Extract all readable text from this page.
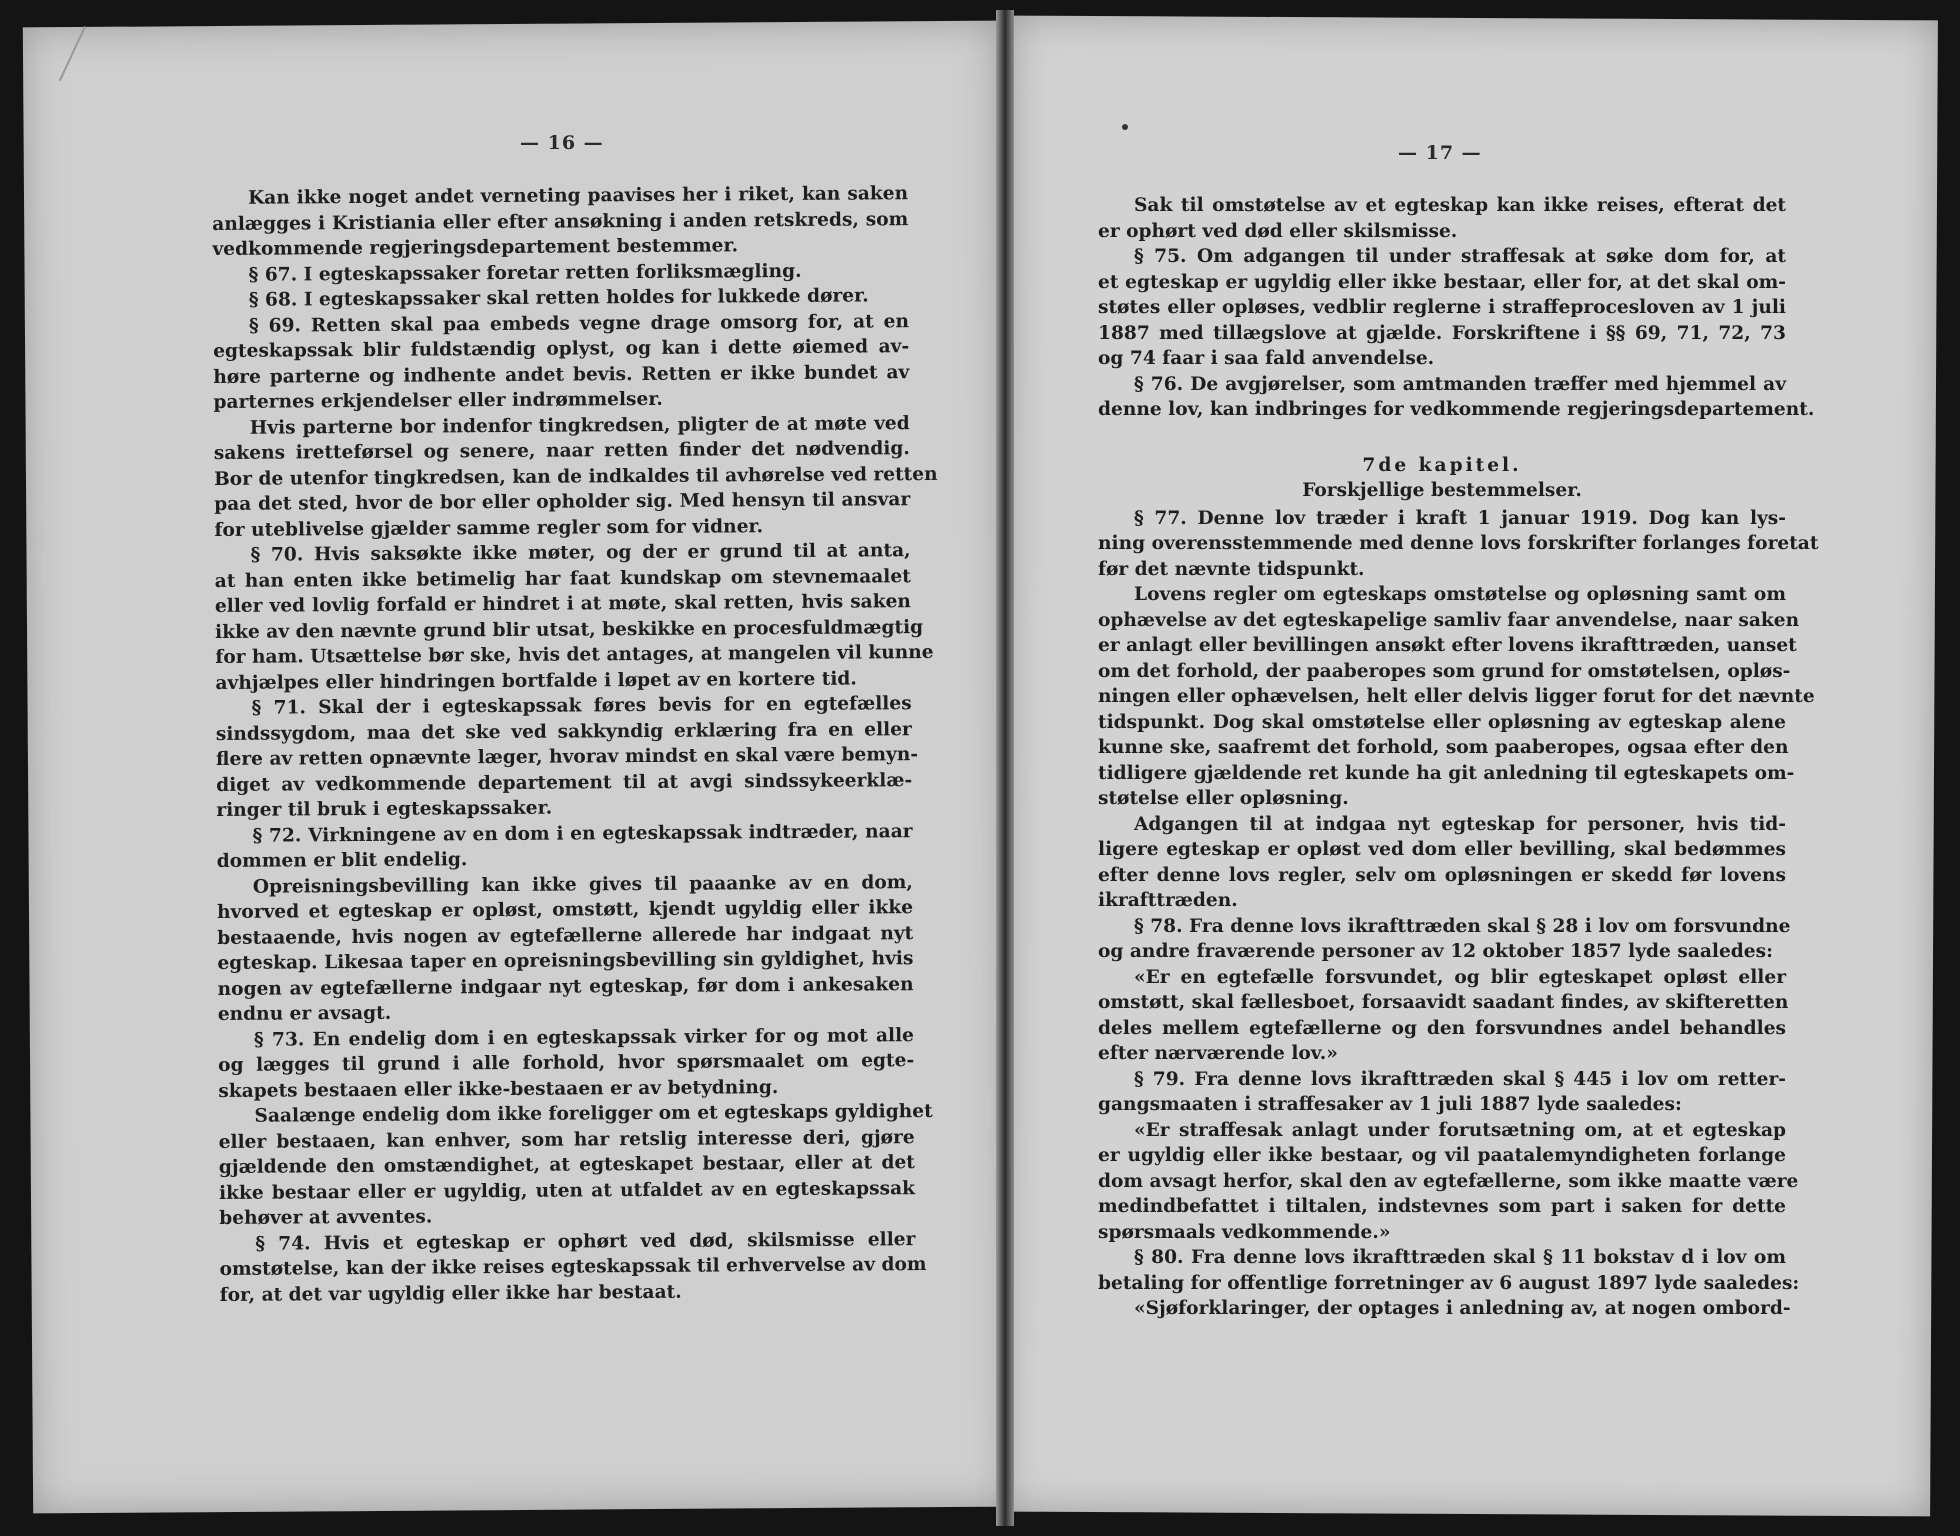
— 16 —	— 17 —
Kan ikke noget andet verneting paavises her i riket, kan saken
anlægges i Kristiania eller efter ansøkning i anden retskreds, som
vedkommende regjeringsdepartement bestemmer.
§ 67. I egteskapssaker foretar retten forliksmægling.
§ 68. I egteskapssaker skal retten holdes for lukkede dører.
§ 69. Retten skal paa embeds vegne drage omsorg for, at en
egteskapssak blir fuldstændig oplyst, og kan i dette øiemed av-
høre parterne og indhente andet bevis. Retten er ikke bundet av
parternes erkjendelser eller indrømmelser.
Hvis parterne bor indenfor tingkredsen, pligter de at møte ved
sakens iretteførsel og senere, naar retten finder det nødvendig.
Bor de utenfor tingkredsen, kan de indkaldes til avhørelse ved retten
paa det sted, hvor de bor eller opholder sig. Med hensyn til ansvar
for uteblivelse gjælder samme regler som for vidner.
§ 70. Hvis saksøkte ikke møter, og der er grund til at anta,
at han enten ikke betimelig har faat kundskap om stevnemaalet
eller ved lovlig forfald er hindret i at møte, skal retten, hvis saken
ikke av den nævnte grund blir utsat, beskikke en procesfuldmægtig
for ham. Utsættelse bør ske, hvis det antages, at mangelen vil kunne
avhjælpes eller hindringen bortfalde i løpet av en kortere tid.
§ 71. Skal der i egteskapssak føres bevis for en egtefælles
sindssygdom, maa det ske ved sakkyndig erklæring fra en eller
flere av retten opnævnte læger, hvorav mindst en skal være bemyn-
diget av vedkommende departement til at avgi sindssykeerklæ-
ringer til bruk i egteskapssaker.
§ 72. Virkningene av en dom i en egteskapssak indtræder, naar
dommen er blit endelig.
Opreisningsbevilling kan ikke gives til paaanke av en dom,
hvorved et egteskap er opløst, omstøtt, kjendt ugyldig eller ikke
bestaaende, hvis nogen av egtefællerne allerede har indgaat nyt
egteskap. Likesaa taper en opreisningsbevilling sin gyldighet, hvis
nogen av egtefællerne indgaar nyt egteskap, før dom i ankesaken
endnu er avsagt.
§ 73. En endelig dom i en egteskapssak virker for og mot alle
og lægges til grund i alle forhold, hvor spørsmaalet om egte-
skapets bestaaen eller ikke-bestaaen er av betydning.
Saalænge endelig dom ikke foreligger om et egteskaps gyldighet
eller bestaaen, kan enhver, som har retslig interesse deri, gjøre
gjældende den omstændighet, at egteskapet bestaar, eller at det
ikke bestaar eller er ugyldig, uten at utfaldet av en egteskapssak
behøver at avventes.
§ 74. Hvis et egteskap er ophørt ved død, skilsmisse eller
omstøtelse, kan der ikke reises egteskapssak til erhvervelse av dom
for, at det var ugyldig eller ikke har bestaat.
Sak til omstøtelse av et egteskap kan ikke reises, efterat det
er ophørt ved død eller skilsmisse.
§ 75. Om adgangen til under straffesak at søke dom for, at
et egteskap er ugyldig eller ikke bestaar, eller for, at det skal om-
støtes eller opløses, vedblir reglerne i straffeprocesloven av 1 juli
1887 med tillægslove at gjælde. Forskriftene i §§ 69, 71, 72, 73
og 74 faar i saa fald anvendelse.
§ 76. De avgjørelser, som amtmanden træffer med hjemmel av
denne lov, kan indbringes for vedkommende regjeringsdepartement.
7de kapitel.
Forskjellige bestemmelser.
§ 77. Denne lov træder i kraft 1 januar 1919. Dog kan lys-
ning overensstemmende med denne lovs forskrifter forlanges foretat
før det nævnte tidspunkt.
Lovens regler om egteskaps omstøtelse og opløsning samt om
ophævelse av det egteskapelige samliv faar anvendelse, naar saken
er anlagt eller bevillingen ansøkt efter lovens ikrafttræden, uanset
om det forhold, der paaberopes som grund for omstøtelsen, opløs-
ningen eller ophævelsen, helt eller delvis ligger forut for det nævnte
tidspunkt. Dog skal omstøtelse eller opløsning av egteskap alene
kunne ske, saafremt det forhold, som paaberopes, ogsaa efter den
tidligere gjældende ret kunde ha git anledning til egteskapets om-
støtelse eller opløsning.
Adgangen til at indgaa nyt egteskap for personer, hvis tid-
ligere egteskap er opløst ved dom eller bevilling, skal bedømmes
efter denne lovs regler, selv om opløsningen er skedd før lovens
ikrafttræden.
§ 78. Fra denne lovs ikrafttræden skal § 28 i lov om forsvundne
og andre fraværende personer av 12 oktober 1857 lyde saaledes:
«Er en egtefælle forsvundet, og blir egteskapet opløst eller
omstøtt, skal fællesboet, forsaavidt saadant findes, av skifteretten
deles mellem egtefællerne og den forsvundnes andel behandles
efter nærværende lov.»
§ 79. Fra denne lovs ikrafttræden skal § 445 i lov om retter-
gangsmaaten i straffesaker av 1 juli 1887 lyde saaledes:
«Er straffesak anlagt under forutsætning om, at et egteskap
er ugyldig eller ikke bestaar, og vil paatalemyndigheten forlange
dom avsagt herfor, skal den av egtefællerne, som ikke maatte være
medindbefattet i tiltalen, indstevnes som part i saken for dette
spørsmaals vedkommende.»
§ 80. Fra denne lovs ikrafttræden skal § 11 bokstav d i lov om
betaling for offentlige forretninger av 6 august 1897 lyde saaledes:
«Sjøforklaringer, der optages i anledning av, at nogen ombord-
